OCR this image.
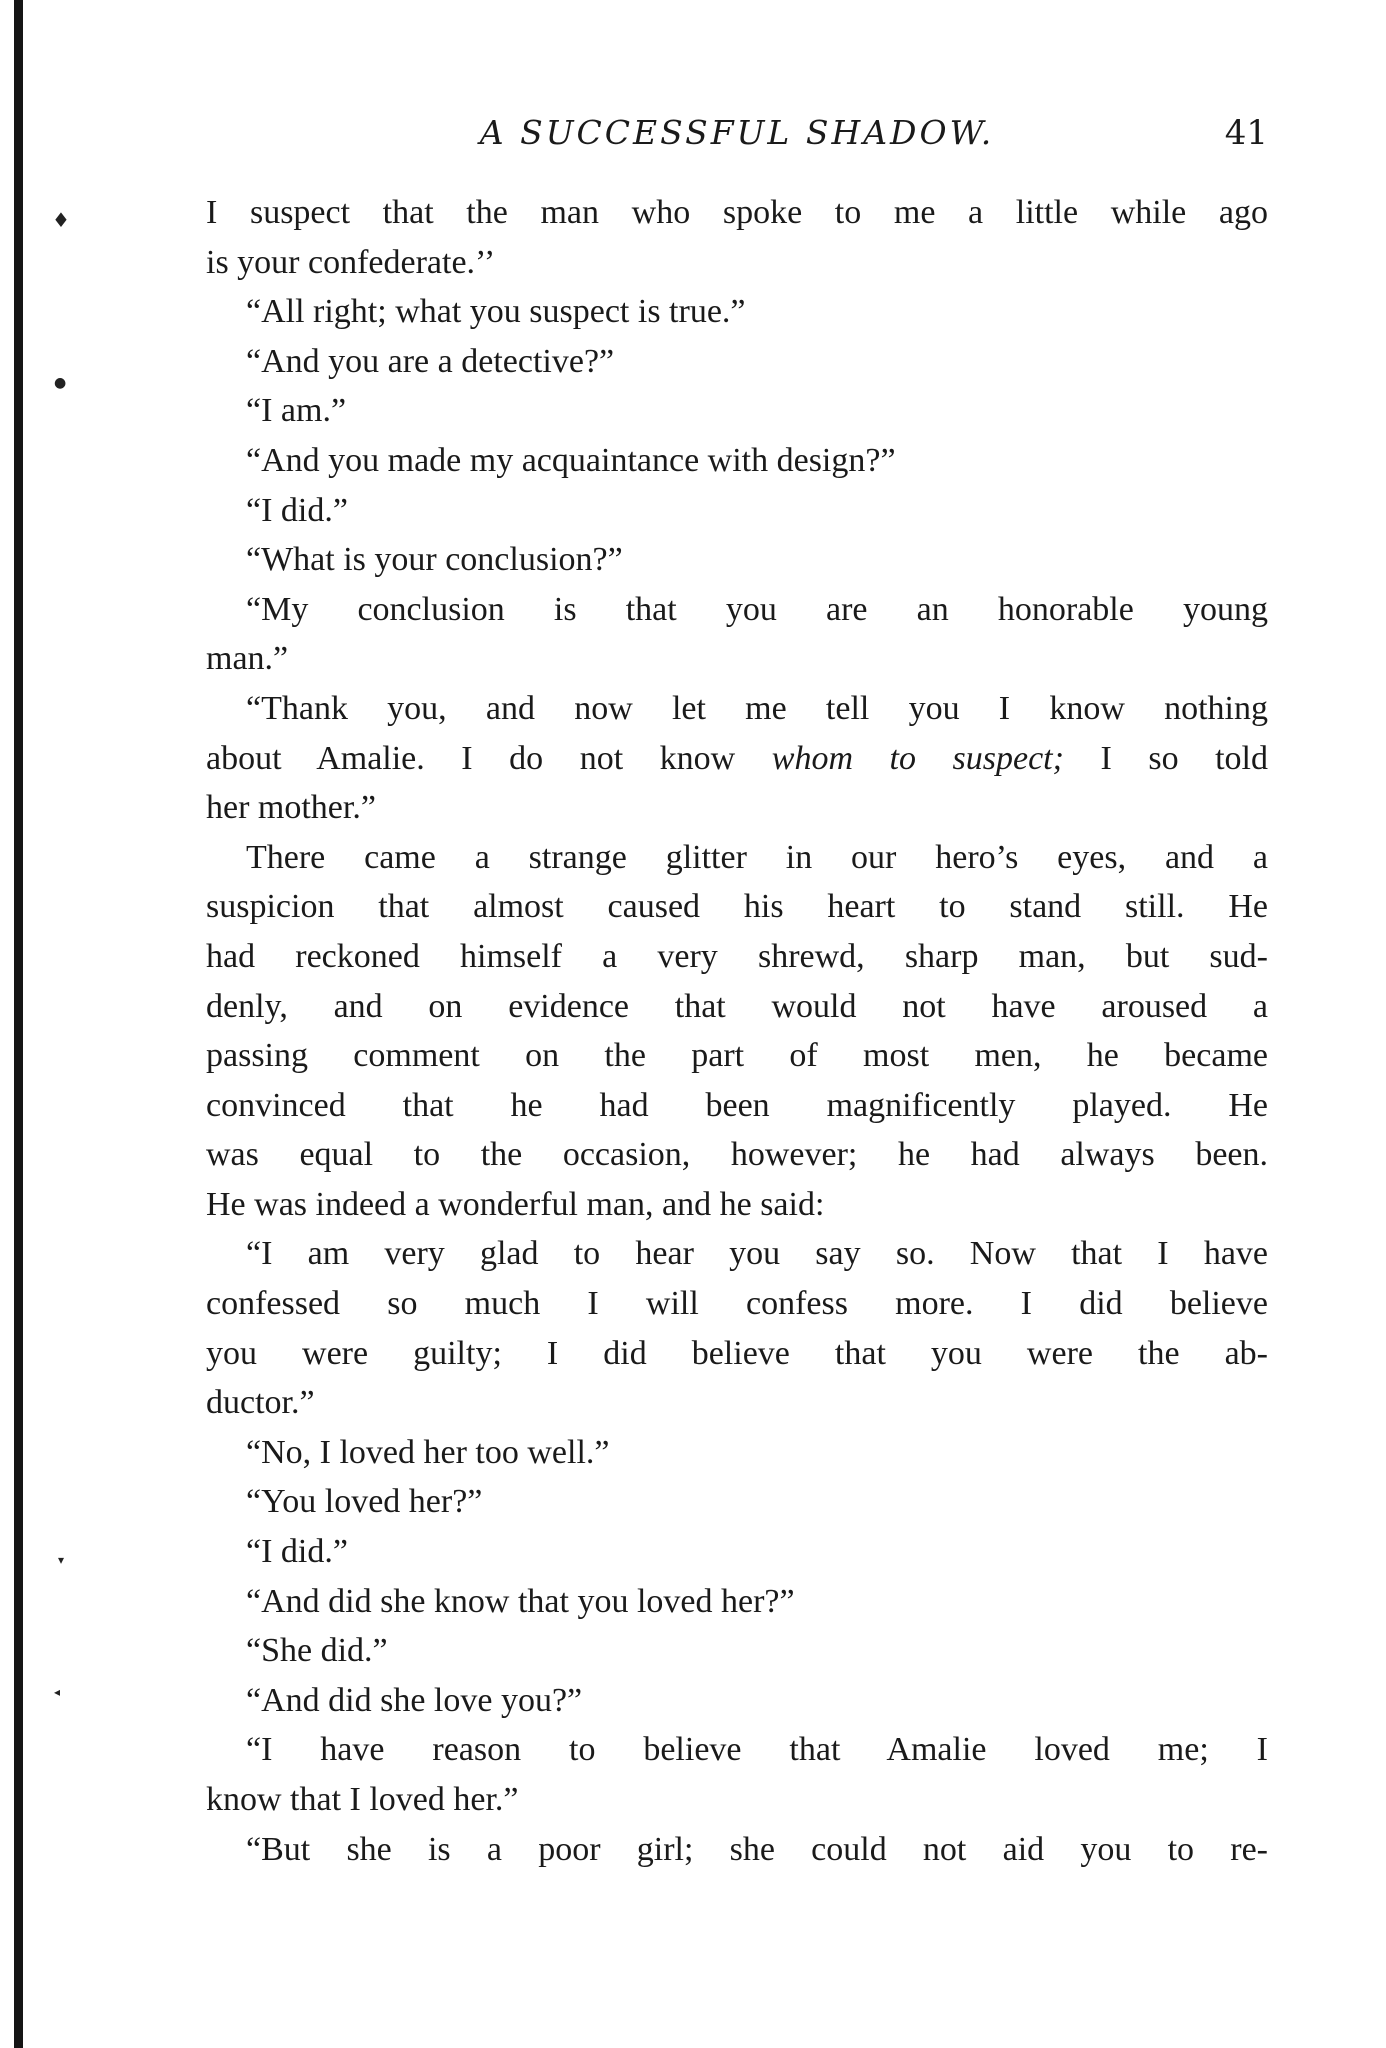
♦
●
▾
◂
A SUCCESSFUL SHADOW.	41
I suspect that the man who spoke to me a little while ago
is your confederate.’’
“All right; what you suspect is true.”
“And you are a detective?”
“I am.”
“And you made my acquaintance with design?”
“I did.”
“What is your conclusion?”
“My conclusion is that you are an honorable young
man.”
“Thank you, and now let me tell you I know nothing
about Amalie. I do not know whom to suspect; I so told
her mother.”
There came a strange glitter in our hero’s eyes, and a
suspicion that almost caused his heart to stand still. He
had reckoned himself a very shrewd, sharp man, but sud-
denly, and on evidence that would not have aroused a
passing comment on the part of most men, he became
convinced that he had been magnificently played. He
was equal to the occasion, however; he had always been.
He was indeed a wonderful man, and he said:
“I am very glad to hear you say so. Now that I have
confessed so much I will confess more. I did believe
you were guilty; I did believe that you were the ab-
ductor.”
“No, I loved her too well.”
“You loved her?”
“I did.”
“And did she know that you loved her?”
“She did.”
“And did she love you?”
“I have reason to believe that Amalie loved me; I
know that I loved her.”
“But she is a poor girl; she could not aid you to re-
